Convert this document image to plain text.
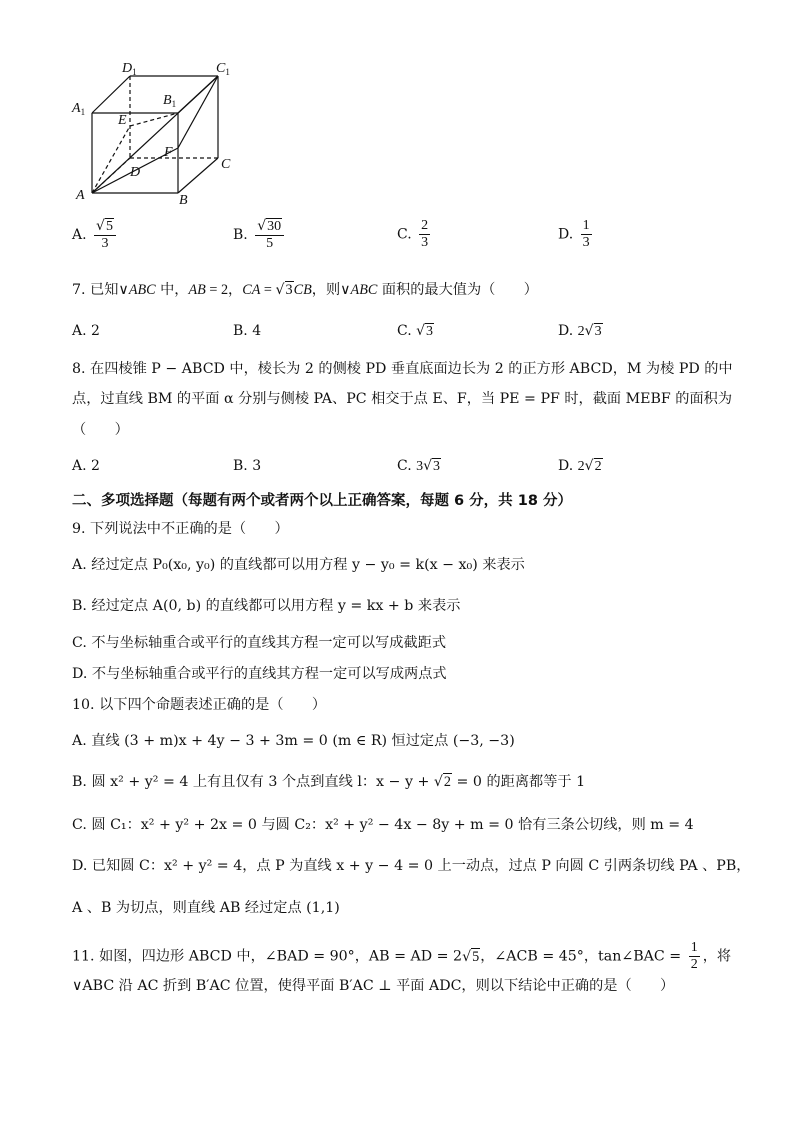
$D_1$	$C_1$
$A_1$
$B_1$
E
F
D
C
A	B
A. $\frac{√5}{3}$	B. $\frac{√30}{5}$	C. $\frac{2}{3}$	D. $\frac{1}{3}$
7. 已知∨ABC 中，AB = 2，CA = √3CB，则∨ABC 面积的最大值为（　　）
A. 2	B. 4	C. √3	D. 2√3
8. 在四棱锥 P − ABCD 中，棱长为 2 的侧棱 PD 垂直底面边长为 2 的正方形 ABCD，M 为棱 PD 的中
点，过直线 BM 的平面 α 分别与侧棱 PA、PC 相交于点 E、F，当 PE = PF 时，截面 MEBF 的面积为
（　　）
A. 2	B. 3	C. 3√3	D. 2√2
二、多项选择题（每题有两个或者两个以上正确答案，每题 6 分，共 18 分）
9. 下列说法中不正确的是（　　）
A. 经过定点 P₀(x₀, y₀) 的直线都可以用方程 y − y₀ = k(x − x₀) 来表示
B. 经过定点 A(0, b) 的直线都可以用方程 y = kx + b 来表示
C. 不与坐标轴重合或平行的直线其方程一定可以写成截距式
D. 不与坐标轴重合或平行的直线其方程一定可以写成两点式
10. 以下四个命题表述正确的是（　　）
A. 直线 (3 + m)x + 4y − 3 + 3m = 0 (m ∈ R) 恒过定点 (−3, −3)
B. 圆 x² + y² = 4 上有且仅有 3 个点到直线 l：x − y + √2 = 0 的距离都等于 1
C. 圆 C₁：x² + y² + 2x = 0 与圆 C₂：x² + y² − 4x − 8y + m = 0 恰有三条公切线，则 m = 4
D. 已知圆 C：x² + y² = 4，点 P 为直线 x + y − 4 = 0 上一动点，过点 P 向圆 C 引两条切线 PA 、PB，
A 、B 为切点，则直线 AB 经过定点 (1,1)
11. 如图，四边形 ABCD 中，∠BAD = 90°，AB = AD = 2√5，∠ACB = 45°，tan∠BAC = $\frac{1}{2}$ ，将
∨ABC 沿 AC 折到 B′AC 位置，使得平面 B′AC ⊥ 平面 ADC，则以下结论中正确的是（　　）
